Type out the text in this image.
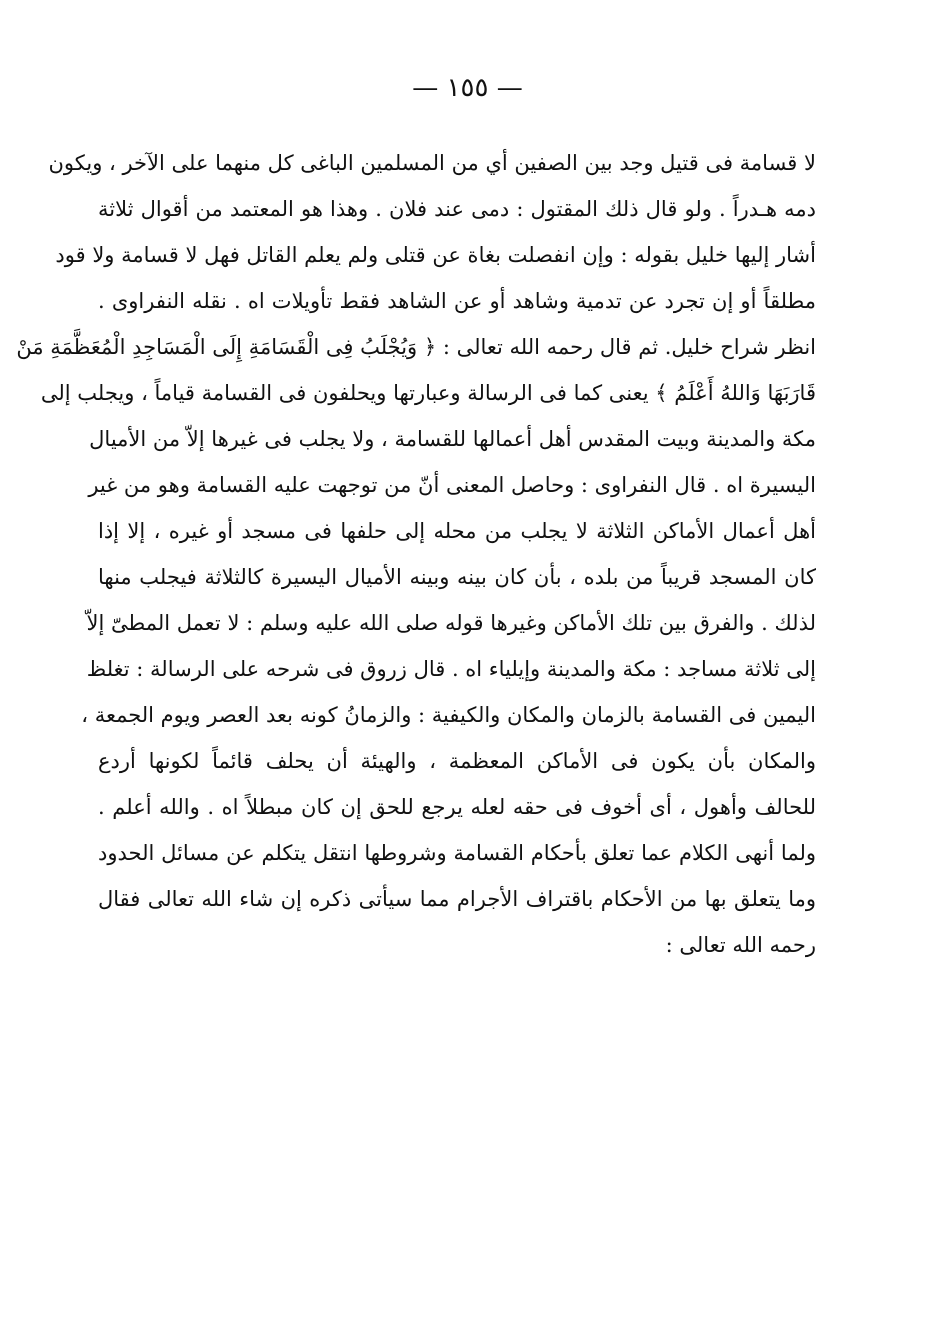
— ١٥٥ —
لا قسامة فى قتيل وجد بين الصفين أي من المسلمين الباغى كل منهما على الآخر ، ويكون
دمه هـدراً . ولو قال ذلك المقتول : دمى عند فلان . وهذا هو المعتمد من أقوال ثلاثة
أشار إليها خليل بقوله : وإن انفصلت بغاة عن قتلى ولم يعلم القاتل فهل لا قسامة ولا قود
مطلقاً أو إن تجرد عن تدمية وشاهد أو عن الشاهد فقط تأويلات اه . نقله النفراوى .
انظر شراح خليل. ثم قال رحمه الله تعالى : ﴿ وَيُجْلَبُ فِى الْقَسَامَةِ إِلَى الْمَسَاجِدِ الْمُعَظَّمَةِ مَنْ
قَارَبَهَا وَاللهُ أَعْلَمُ ﴾ يعنى كما فى الرسالة وعبارتها ويحلفون فى القسامة قياماً ، ويجلب إلى
مكة والمدينة وبيت المقدس أهل أعمالها للقسامة ، ولا يجلب فى غيرها إلاّ من الأميال
اليسيرة اه . قال النفراوى : وحاصل المعنى أنّ من توجهت عليه القسامة وهو من غير
أهل أعمال الأماكن الثلاثة لا يجلب من محله إلى حلفها فى مسجد أو غيره ، إلا إذا
كان المسجد قريباً من بلده ، بأن كان بينه وبينه الأميال اليسيرة كالثلاثة فيجلب منها
لذلك . والفرق بين تلك الأماكن وغيرها قوله صلى الله عليه وسلم : لا تعمل المطىّ إلاّ
إلى ثلاثة مساجد : مكة والمدينة وإيلياء اه . قال زروق فى شرحه على الرسالة : تغلظ
اليمين فى القسامة بالزمان والمكان والكيفية : والزمانُ كونه بعد العصر ويوم الجمعة ،
والمكان بأن يكون فى الأماكن المعظمة ، والهيئة أن يحلف قائماً لكونها أردع
للحالف وأهول ، أى أخوف فى حقه لعله يرجع للحق إن كان مبطلاً اه . والله أعلم .
ولما أنهى الكلام عما تعلق بأحكام القسامة وشروطها انتقل يتكلم عن مسائل الحدود
وما يتعلق بها من الأحكام باقتراف الأجرام مما سيأتى ذكره إن شاء الله تعالى فقال
رحمه الله تعالى :
